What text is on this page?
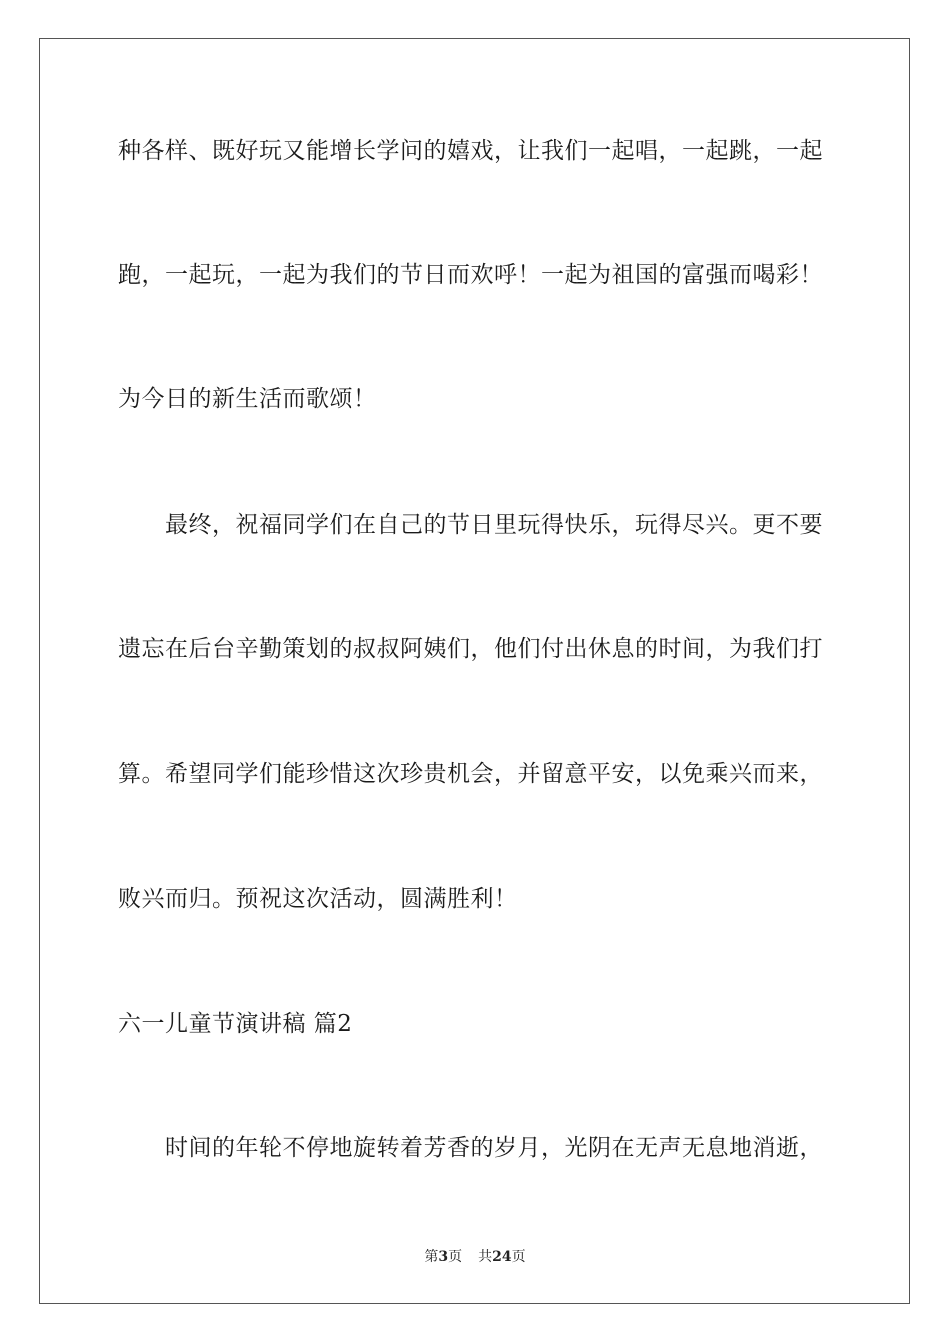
种各样、既好玩又能增长学问的嬉戏，让我们一起唱，一起跳，一起
跑，一起玩，一起为我们的节日而欢呼！一起为祖国的富强而喝彩！
为今日的新生活而歌颂！
最终，祝福同学们在自己的节日里玩得快乐，玩得尽兴。更不要
遗忘在后台辛勤策划的叔叔阿姨们，他们付出休息的时间，为我们打
算。希望同学们能珍惜这次珍贵机会，并留意平安，以免乘兴而来，
败兴而归。预祝这次活动，圆满胜利！
六一儿童节演讲稿 篇2
时间的年轮不停地旋转着芳香的岁月，光阴在无声无息地消逝，
第3页 共24页
